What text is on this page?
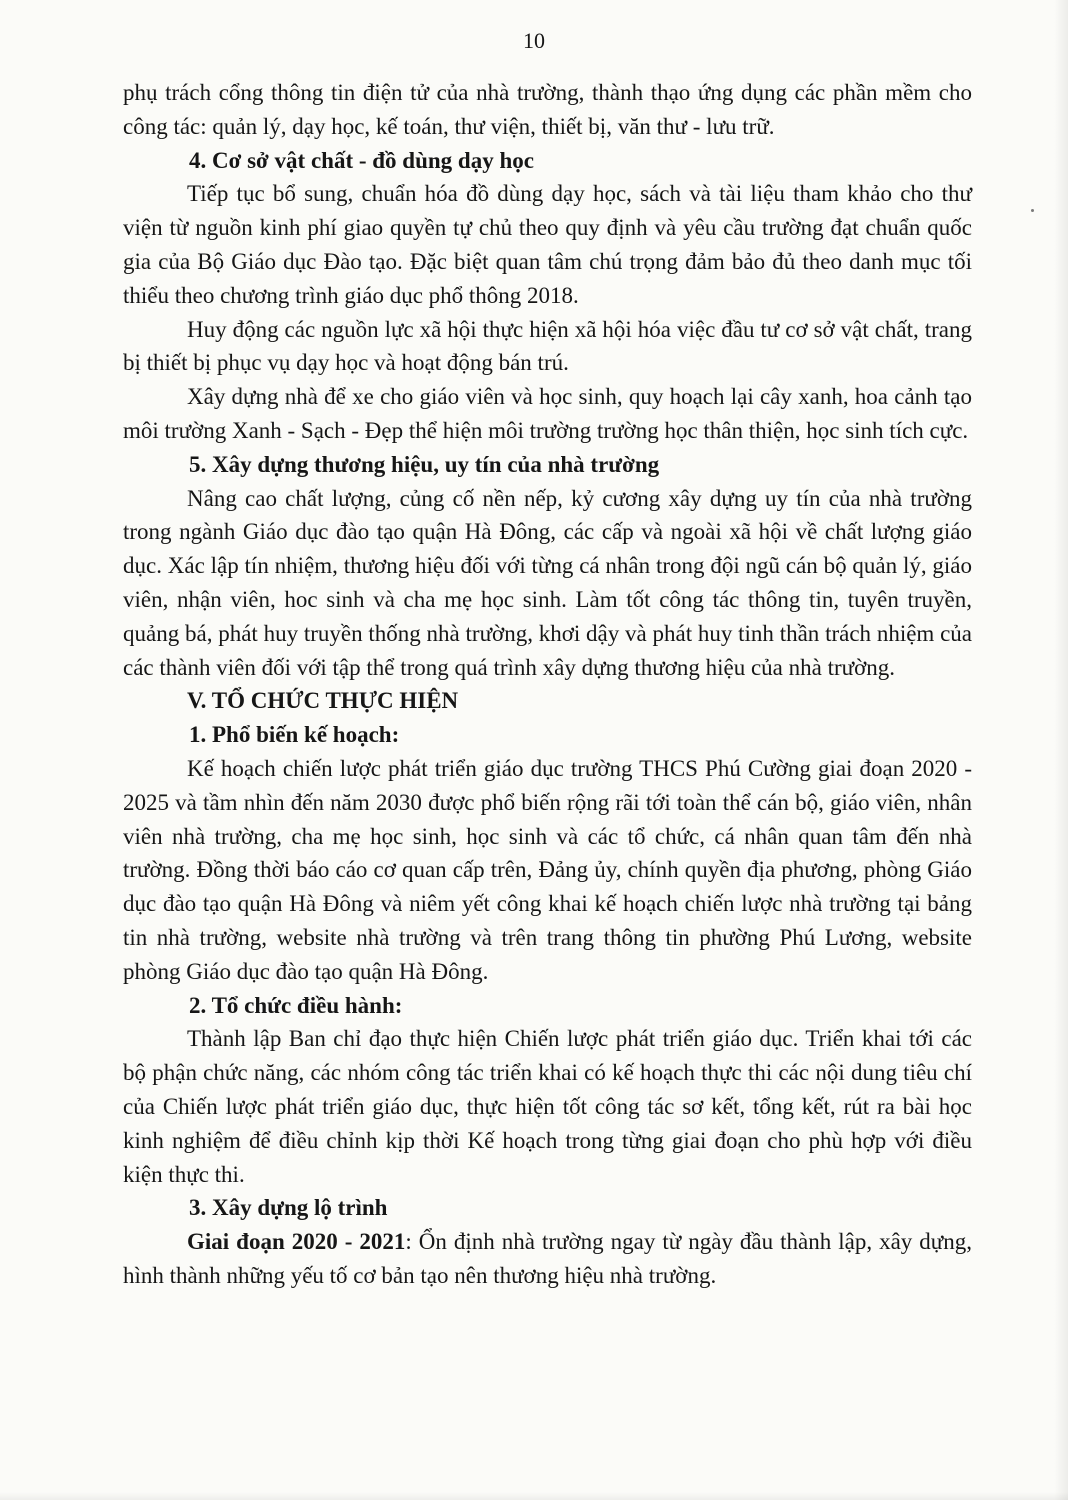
10

phụ trách cổng thông tin điện tử của nhà trường, thành thạo ứng dụng các phần mềm cho công tác: quản lý, dạy học, kế toán, thư viện, thiết bị, văn thư - lưu trữ.

4. Cơ sở vật chất - đồ dùng dạy học

Tiếp tục bổ sung, chuẩn hóa đồ dùng dạy học, sách và tài liệu tham khảo cho thư viện từ nguồn kinh phí giao quyền tự chủ theo quy định và yêu cầu trường đạt chuẩn quốc gia của Bộ Giáo dục Đào tạo. Đặc biệt quan tâm chú trọng đảm bảo đủ theo danh mục tối thiểu theo chương trình giáo dục phổ thông 2018.

Huy động các nguồn lực xã hội thực hiện xã hội hóa việc đầu tư cơ sở vật chất, trang bị thiết bị phục vụ dạy học và hoạt động bán trú.

Xây dựng nhà để xe cho giáo viên và học sinh, quy hoạch lại cây xanh, hoa cảnh tạo môi trường Xanh - Sạch - Đẹp thể hiện môi trường trường học thân thiện, học sinh tích cực.

5. Xây dựng thương hiệu, uy tín của nhà trường

Nâng cao chất lượng, củng cố nền nếp, kỷ cương xây dựng uy tín của nhà trường trong ngành Giáo dục đào tạo quận Hà Đông, các cấp và ngoài xã hội về chất lượng giáo dục. Xác lập tín nhiệm, thương hiệu đối với từng cá nhân trong đội ngũ cán bộ quản lý, giáo viên, nhận viên, hoc sinh và cha mẹ học sinh. Làm tốt công tác thông tin, tuyên truyền, quảng bá, phát huy truyền thống nhà trường, khơi dậy và phát huy tinh thần trách nhiệm của các thành viên đối với tập thể trong quá trình xây dựng thương hiệu của nhà trường.

V. TỔ CHỨC THỰC HIỆN

1. Phổ biến kế hoạch:

Kế hoạch chiến lược phát triển giáo dục trường THCS Phú Cường giai đoạn 2020 - 2025 và tầm nhìn đến năm 2030 được phổ biến rộng rãi tới toàn thể cán bộ, giáo viên, nhân viên nhà trường, cha mẹ học sinh, học sinh và các tổ chức, cá nhân quan tâm đến nhà trường. Đồng thời báo cáo cơ quan cấp trên, Đảng ủy, chính quyền địa phương, phòng Giáo dục đào tạo quận Hà Đông và niêm yết công khai kế hoạch chiến lược nhà trường tại bảng tin nhà trường, website nhà trường và trên trang thông tin phường Phú Lương, website phòng Giáo dục đào tạo quận Hà Đông.

2. Tổ chức điều hành:

Thành lập Ban chỉ đạo thực hiện Chiến lược phát triển giáo dục. Triển khai tới các bộ phận chức năng, các nhóm công tác triển khai có kế hoạch thực thi các nội dung tiêu chí của Chiến lược phát triển giáo dục, thực hiện tốt công tác sơ kết, tổng kết, rút ra bài học kinh nghiệm để điều chỉnh kịp thời Kế hoạch trong từng giai đoạn cho phù hợp với điều kiện thực thi.

3. Xây dựng lộ trình

Giai đoạn 2020 - 2021: Ổn định nhà trường ngay từ ngày đầu thành lập, xây dựng, hình thành những yếu tố cơ bản tạo nên thương hiệu nhà trường.
